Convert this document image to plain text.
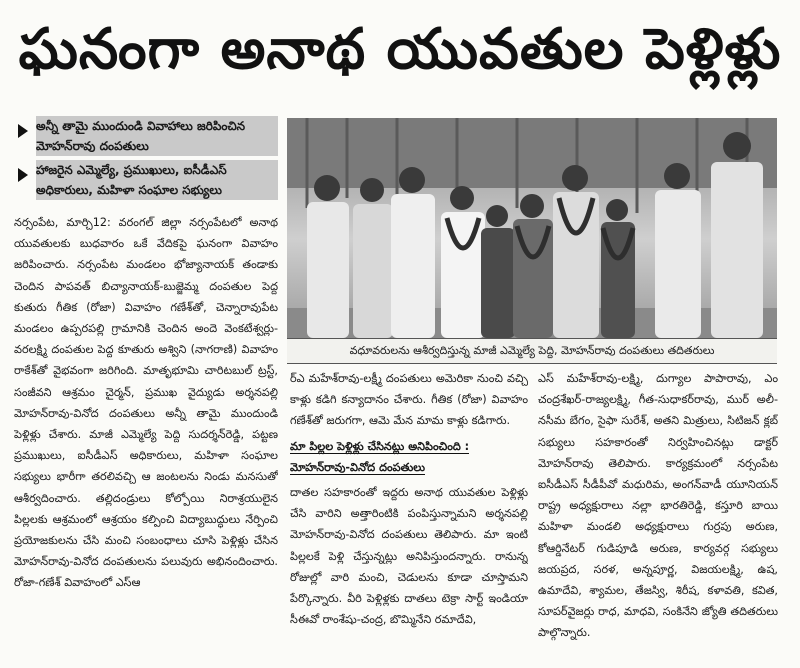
ఘనంగా అనాథ యువతుల పెళ్లిళ్లు
అన్నీ తామై ముందుండి వివాహాలు జరిపించిన మోహన్‌రావు దంపతులు
హాజరైన ఎమ్మెల్యే, ప్రముఖులు, ఐసీడీఎస్ అధికారులు, మహిళా సంఘాల సభ్యులు
వధూవరులను ఆశీర్వదిస్తున్న మాజీ ఎమ్మెల్యే పెద్ది, మోహన్‌రావు దంపతులు తదితరులు

నర్సంపేట, మార్చి12: వరంగల్ జిల్లా నర్సంపేటలో అనాథ యువతులకు బుధవారం ఒకే వేదికపై ఘనంగా వివాహం జరిపించారు. నర్సంపేట మండలం భోజ్యానాయక్ తండాకు చెందిన పాపవత్ బిచ్యానాయక్-బుజ్జెమ్మ దంపతుల పెద్ద కుతురు గీతిక (రోజా) వివాహం గణేశ్‌తో, చెన్నారావుపేట మండలం ఉప్పరపల్లి గ్రామానికి చెందిన అందె వెంకటేశ్వర్లు-వరలక్ష్మి దంపతుల పెద్ద కూతురు అశ్విని (నాగరాణి) వివాహం రాకేశ్‌తో వైభవంగా జరిగింది. మాతృభూమి చారిటబుల్ ట్రస్ట్, సంజీవని ఆశ్రమం చైర్మన్, ప్రముఖ వైద్యుడు అర్శనపల్లి మోహన్‌రావు-వినోద దంపతులు అన్నీ తామై ముందుండి పెళ్లిళ్లు చేశారు. మాజీ ఎమ్మెల్యే పెద్ది సుదర్శన్‌రెడ్డి, పట్టణ ప్రముఖులు, ఐసీడీఎస్ అధికారులు, మహిళా సంఘాల సభ్యులు భారీగా తరలివచ్చి ఆ జంటలను నిండు మనసుతో ఆశీర్వదించారు. తల్లిదండ్రులు కోల్పోయి నిరాశ్రయులైన పిల్లలకు ఆశ్రమంలో ఆశ్రయం కల్పించి విద్యాబుద్ధులు నేర్పించి ప్రయోజకులను చేసి మంచి సంబంధాలు చూసి పెళ్లిళ్లు చేసిన మోహన్‌రావు-వినోద దంపతులను పలువురు అభినందించారు. రోజా-గణేశ్ వివాహంలో ఎస్‌ఆ

ర్ఎ మహేశ్‌రావు-లక్ష్మీ దంపతులు అమెరికా నుంచి వచ్చి కాళ్లు కడిగి కన్యాదానం చేశారు. గీతిక (రోజా) వివాహం గణేశ్‌తో జరుగగా, ఆమె మేన మామ కాళ్లు కడిగారు.

మా పిల్లల పెళ్లిళ్లు చేసినట్లు అనిపించింది :
మోహన్‌రావు-వినోద దంపతులు

దాతల సహకారంతో ఇద్దరు అనాథ యువతుల పెళ్లిళ్లు చేసి వారిని అత్తారింటికి పంపిస్తున్నామని అర్శనపల్లి మోహన్‌రావు-వినోద దంపతులు తెలిపారు. మా ఇంటి పిల్లలకే పెళ్లి చేస్తున్నట్లు అనిపిస్తుందన్నారు. రానున్న రోజుల్లో వారి మంచి, చెడులను కూడా చూస్తామని పేర్కొన్నారు. వీరి పెళ్లిళ్లకు దాతలు టెక్రా సార్ట్ ఇండియా సీఈవో రాంశేషు-చంద్ర, బొమ్మినేని రమాదేవి,

ఎస్ మహేశ్‌రావు-లక్ష్మి, దుగ్యాల పాపారావు, ఎం చంద్రశేఖర్-రాజ్యలక్ష్మి, గీత-సుధాకర్‌రావు, ముర్ అలీ-నసీమ బేగం, సైఫా సురేశ్, అతని మిత్రులు, సిటిజన్ క్లబ్ సభ్యులు సహకారంతో నిర్వహించినట్లు డాక్టర్ మోహన్‌రావు తెలిపారు. కార్యక్రమంలో నర్సంపేట ఐసీడీఎస్ సీడీపీవో మధురిమ, అంగన్‌వాడీ యూనియన్ రాష్ట్ర అధ్యక్షురాలు నల్లా భారతిరెడ్డి, కస్తూరి బాయి మహిళా మండలి అధ్యక్షురాలు గుర్రపు అరుణ, కోఆర్డినేటర్ గుడిపూడి అరుణ, కార్యవర్గ సభ్యులు జయప్రద, సరళ, అన్నపూర్ణ, విజయలక్ష్మి, ఉష, ఉమాదేవి, శ్యామల, తేజస్వి, శిరీష, కళావతి, కవిత, సూపర్‌వైజర్లు రాధ, మాధవి, సంకినేని జ్యోతి తదితరులు పాల్గొన్నారు.
